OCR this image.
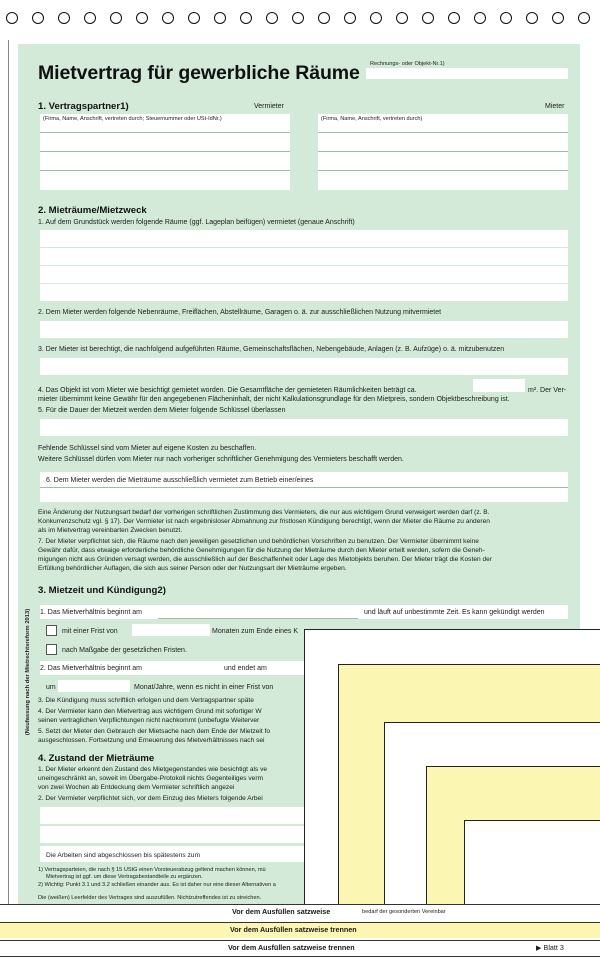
(Neufassung nach der Mietrechtsreform 2013)
Mietvertrag für gewerbliche Räume Rechnungs- oder Objekt-Nr.1)
1. Vertragspartner1)	Vermieter	Mieter
(Firma, Name, Anschrift, vertreten durch; Steuernummer oder USt-IdNr.)	(Firma, Name, Anschrift, vertreten durch)
2. Mieträume/Mietzweck
1. Auf dem Grundstück werden folgende Räume (ggf. Lageplan beifügen) vermietet (genaue Anschrift)
2. Dem Mieter werden folgende Nebenräume, Freiflächen, Abstellräume, Garagen o. ä. zur ausschließlichen Nutzung mitvermietet
3. Der Mieter ist berechtigt, die nachfolgend aufgeführten Räume, Gemeinschaftsflächen, Nebengebäude, Anlagen (z. B. Aufzüge) o. ä. mitzubenutzen
4. Das Objekt ist vom Mieter wie besichtigt gemietet worden. Die Gesamtfläche der gemieteten Räumlichkeiten beträgt ca.	m². Der Ver-
mieter übernimmt keine Gewähr für den angegebenen Flächeninhalt, der nicht Kalkulationsgrundlage für den Mietpreis, sondern Objektbeschreibung ist.
5. Für die Dauer der Mietzeit werden dem Mieter folgende Schlüssel überlassen
Fehlende Schlüssel sind vom Mieter auf eigene Kosten zu beschaffen.
Weitere Schlüssel dürfen vom Mieter nur nach vorheriger schriftlicher Genehmigung des Vermieters beschafft werden.
6. Dem Mieter werden die Mieträume ausschließlich vermietet zum Betrieb einer/eines
Eine Änderung der Nutzungsart bedarf der vorherigen schriftlichen Zustimmung des Vermieters, die nur aus wichtigem Grund verweigert werden darf (z. B.
Konkurrenzschutz vgl. § 17). Der Vermieter ist nach ergebnisloser Abmahnung zur fristlosen Kündigung berechtigt, wenn der Mieter die Räume zu anderen
als im Mietvertrag vereinbarten Zwecken benutzt.
7. Der Mieter verpflichtet sich, die Räume nach den jeweiligen gesetzlichen und behördlichen Vorschriften zu benutzen. Der Vermieter übernimmt keine
Gewähr dafür, dass etwaige erforderliche behördliche Genehmigungen für die Nutzung der Mieträume durch den Mieter erteilt werden, sofern die Geneh-
migungen nicht aus Gründen versagt werden, die ausschließlich auf der Beschaffenheit oder Lage des Mietobjekts beruhen. Der Mieter trägt die Kosten der
Erfüllung behördlicher Auflagen, die sich aus seiner Person oder der Nutzungsart der Mieträume ergeben.
3. Mietzeit und Kündigung2)
1. Das Mietverhältnis beginnt am	und läuft auf unbestimmte Zeit. Es kann gekündigt werden
mit einer Frist von	Monaten zum Ende eines K
nach Maßgabe der gesetzlichen Fristen.
2. Das Mietverhältnis beginnt am	und endet am
um	Monat/Jahre, wenn es nicht in einer Frist von
3. Die Kündigung muss schriftlich erfolgen und dem Vertragspartner späte
4. Der Vermieter kann den Mietvertrag aus wichtigem Grund mit sofortiger W
seinen vertraglichen Verpflichtungen nicht nachkommt (unbefugte Weiterver
5. Setzt der Mieter den Gebrauch der Mietsache nach dem Ende der Mietzeit fo
ausgeschlossen. Fortsetzung und Erneuerung des Mietverhältnisses nach sei
4. Zustand der Mieträume
1. Der Mieter erkennt den Zustand des Mietgegenstandes wie besichtigt als ve
uneingeschränkt an, soweit im Übergabe-Protokoll nichts Gegenteiliges verm
von zwei Wochen ab Entdeckung dem Vermieter schriftlich angezei
2. Der Vermieter verpflichtet sich, vor dem Einzug des Mieters folgende Arbei
Die Arbeiten sind abgeschlossen bis spätestens zum
1) Vertragsparteien, die nach § 15 UStG einen Vorsteuerabzug geltend machen können, mü
Mietvertrag ist ggf. um diese Vertragsbestandteile zu ergänzen.
2) Wichtig: Punkt 3.1 und 3.2 schließen einander aus. Es ist daher nur eine dieser Alternativen a
Die (weißen) Leerfelder des Vertrages sind auszufüllen. Nichtzutreffendes ist zu streichen.
Vor dem Ausfüllen satzweise	bedarf der gesonderten Vereinbar
Vor dem Ausfüllen satzweise trennen
Vor dem Ausfüllen satzweise trennen	▶ Blatt 3
